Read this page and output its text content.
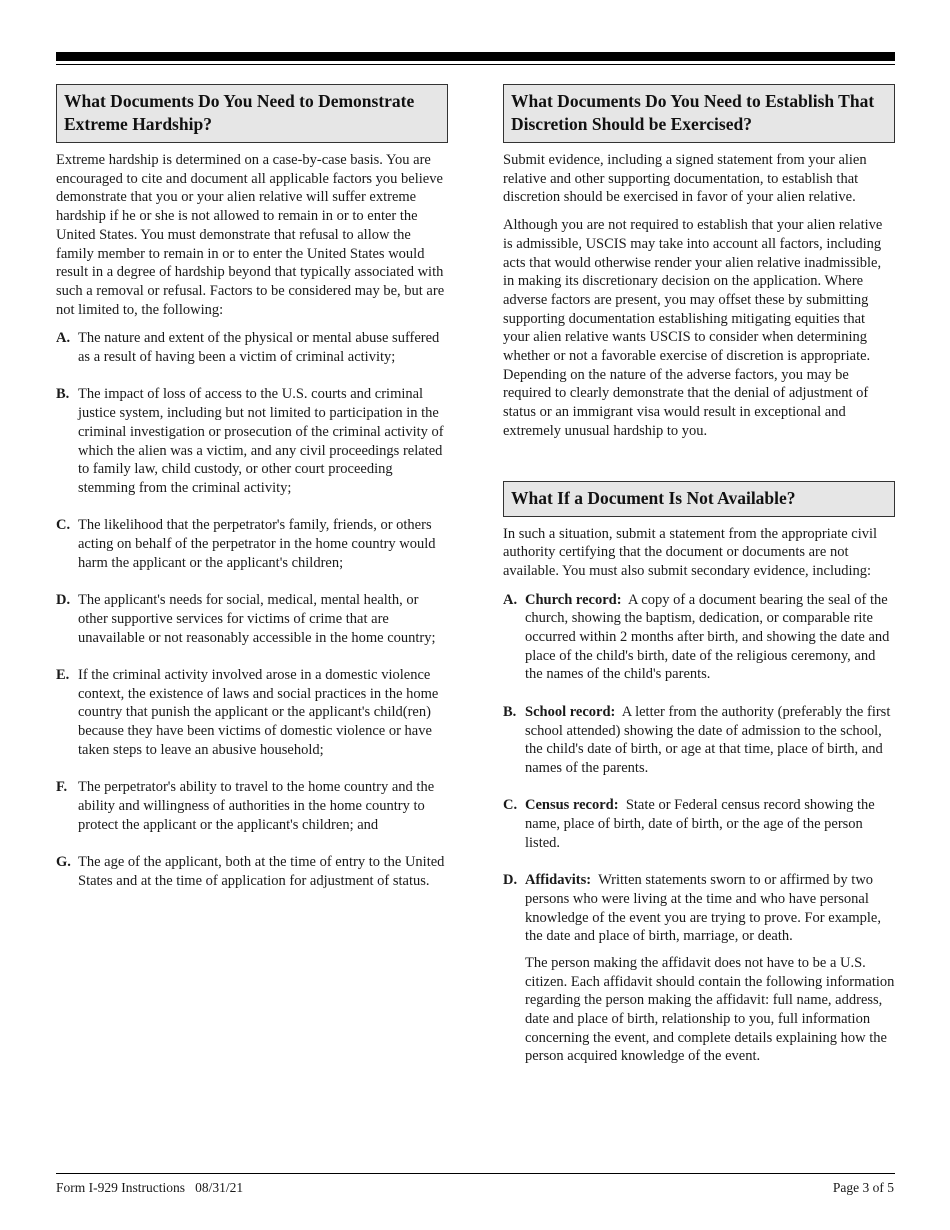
What Documents Do You Need to Demonstrate Extreme Hardship?

Extreme hardship is determined on a case-by-case basis. You are encouraged to cite and document all applicable factors you believe demonstrate that you or your alien relative will suffer extreme hardship if he or she is not allowed to remain in or to enter the United States. You must demonstrate that refusal to allow the family member to remain in or to enter the United States would result in a degree of hardship beyond that typically associated with such a removal or refusal. Factors to be considered may be, but are not limited to, the following:

A. The nature and extent of the physical or mental abuse suffered as a result of having been a victim of criminal activity;
B. The impact of loss of access to the U.S. courts and criminal justice system, including but not limited to participation in the criminal investigation or prosecution of the criminal activity of which the alien was a victim, and any civil proceedings related to family law, child custody, or other court proceeding stemming from the criminal activity;
C. The likelihood that the perpetrator's family, friends, or others acting on behalf of the perpetrator in the home country would harm the applicant or the applicant's children;
D. The applicant's needs for social, medical, mental health, or other supportive services for victims of crime that are unavailable or not reasonably accessible in the home country;
E. If the criminal activity involved arose in a domestic violence context, the existence of laws and social practices in the home country that punish the applicant or the applicant's child(ren) because they have been victims of domestic violence or have taken steps to leave an abusive household;
F. The perpetrator's ability to travel to the home country and the ability and willingness of authorities in the home country to protect the applicant or the applicant's children; and
G. The age of the applicant, both at the time of entry to the United States and at the time of application for adjustment of status.
What Documents Do You Need to Establish That Discretion Should be Exercised?

Submit evidence, including a signed statement from your alien relative and other supporting documentation, to establish that discretion should be exercised in favor of your alien relative.

Although you are not required to establish that your alien relative is admissible, USCIS may take into account all factors, including acts that would otherwise render your alien relative inadmissible, in making its discretionary decision on the application. Where adverse factors are present, you may offset these by submitting supporting documentation establishing mitigating equities that your alien relative wants USCIS to consider when determining whether or not a favorable exercise of discretion is appropriate. Depending on the nature of the adverse factors, you may be required to clearly demonstrate that the denial of adjustment of status or an immigrant visa would result in exceptional and extremely unusual hardship to you.

What If a Document Is Not Available?

In such a situation, submit a statement from the appropriate civil authority certifying that the document or documents are not available. You must also submit secondary evidence, including:

A. Church record: A copy of a document bearing the seal of the church, showing the baptism, dedication, or comparable rite occurred within 2 months after birth, and showing the date and place of the child's birth, date of the religious ceremony, and the names of the child's parents.
B. School record: A letter from the authority (preferably the first school attended) showing the date of admission to the school, the child's date of birth, or age at that time, place of birth, and names of the parents.
C. Census record: State or Federal census record showing the name, place of birth, date of birth, or the age of the person listed.
D. Affidavits: Written statements sworn to or affirmed by two persons who were living at the time and who have personal knowledge of the event you are trying to prove. For example, the date and place of birth, marriage, or death.

The person making the affidavit does not have to be a U.S. citizen. Each affidavit should contain the following information regarding the person making the affidavit: full name, address, date and place of birth, relationship to you, full information concerning the event, and complete details explaining how the person acquired knowledge of the event.

Form I-929 Instructions   08/31/21	Page 3 of 5
